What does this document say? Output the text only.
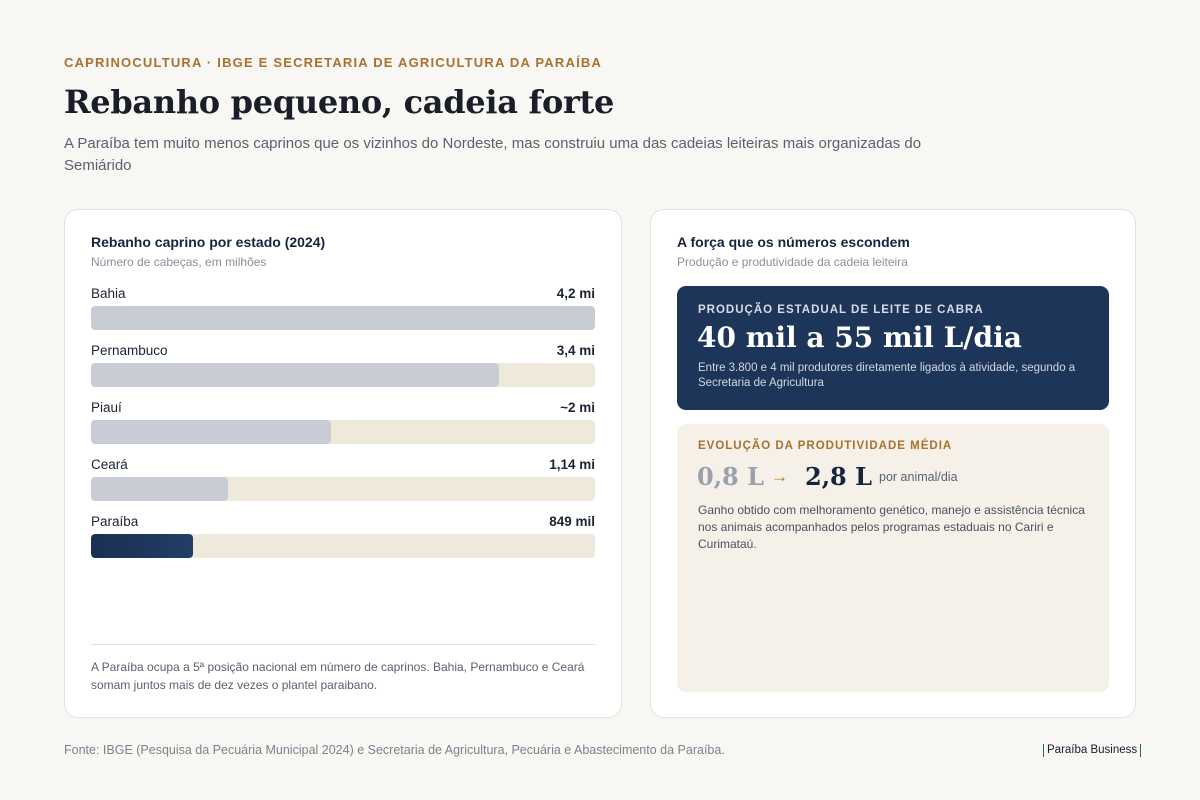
CAPRINOCULTURA · IBGE E SECRETARIA DE AGRICULTURA DA PARAÍBA
Rebanho pequeno, cadeia forte
A Paraíba tem muito menos caprinos que os vizinhos do Nordeste, mas construiu uma das cadeias leiteiras mais organizadas do Semiárido
Rebanho caprino por estado (2024)
Número de cabeças, em milhões
Bahia	4,2 mi
Pernambuco	3,4 mi
Piauí	~2 mi
Ceará	1,14 mi
Paraíba	849 mil
A Paraíba ocupa a 5ª posição nacional em número de caprinos. Bahia, Pernambuco e Ceará somam juntos mais de dez vezes o plantel paraibano.
A força que os números escondem
Produção e produtividade da cadeia leiteira
PRODUÇÃO ESTADUAL DE LEITE DE CABRA
40 mil a 55 mil L/dia
Entre 3.800 e 4 mil produtores diretamente ligados à atividade, segundo a Secretaria de Agricultura
EVOLUÇÃO DA PRODUTIVIDADE MÉDIA
0,8 L → 2,8 L por animal/dia
Ganho obtido com melhoramento genético, manejo e assistência técnica nos animais acompanhados pelos programas estaduais no Cariri e Curimataú.
Fonte: IBGE (Pesquisa da Pecuária Municipal 2024) e Secretaria de Agricultura, Pecuária e Abastecimento da Paraíba.	Paraíba Business
